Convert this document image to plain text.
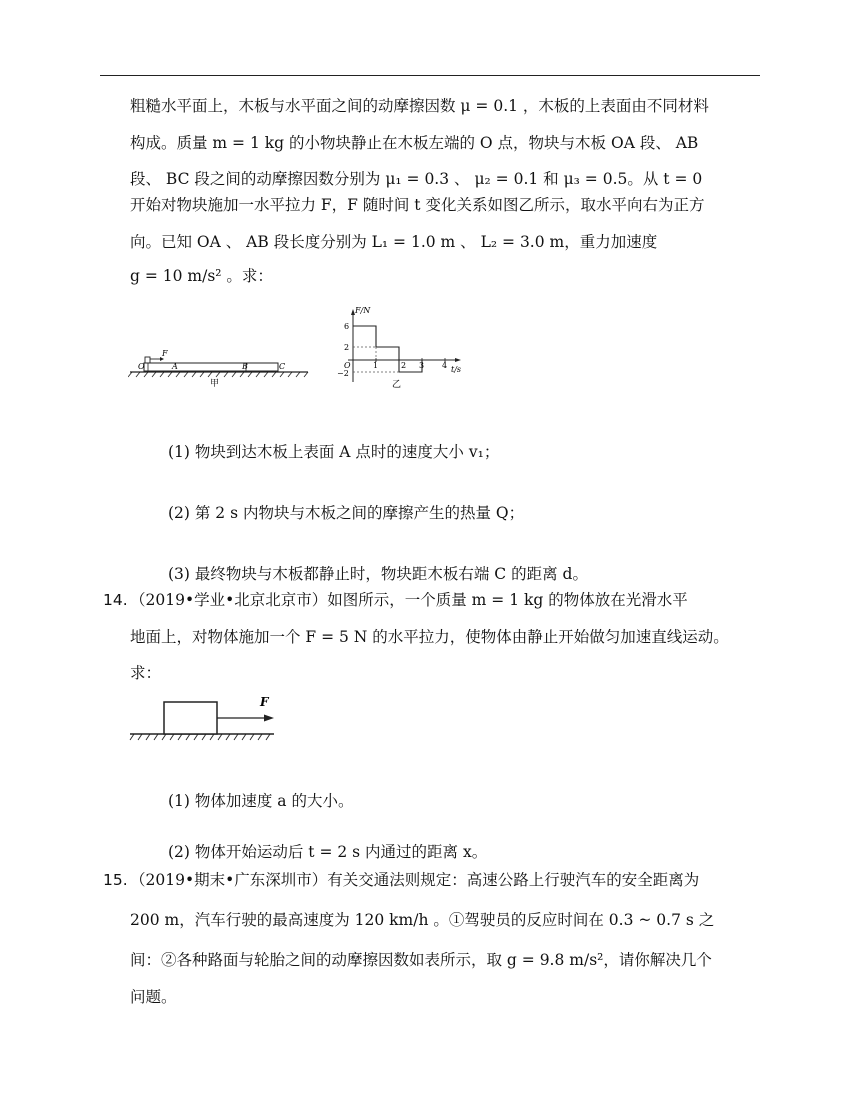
粗糙水平面上，木板与水平面之间的动摩擦因数 μ = 0.1 ，木板的上表面由不同材料
构成。质量 m = 1 kg 的小物块静止在木板左端的 O 点，物块与木板 OA 段、 AB
段、 BC 段之间的动摩擦因数分别为 μ₁ = 0.3 、 μ₂ = 0.1 和 μ₃ = 0.5。从 t = 0
开始对物块施加一水平拉力 F，F 随时间 t 变化关系如图乙所示，取水平向右为正方
向。已知 OA 、 AB 段长度分别为 L₁ = 1.0 m 、 L₂ = 3.0 m，重力加速度
g = 10 m/s² 。求：
O
F
A	B	C
甲
F/N
6
2
−2
O	1	2 3 4 t/s
乙
(1) 物块到达木板上表面 A 点时的速度大小 v₁；
(2) 第 2 s 内物块与木板之间的摩擦产生的热量 Q；
(3) 最终物块与木板都静止时，物块距木板右端 C 的距离 d。
14. （2019•学业•北京北京市）如图所示，一个质量 m = 1 kg 的物体放在光滑水平
地面上，对物体施加一个 F = 5 N 的水平拉力，使物体由静止开始做匀加速直线运动。
求：
F
(1) 物体加速度 a 的大小。
(2) 物体开始运动后 t = 2 s 内通过的距离 x。
15. （2019•期末•广东深圳市）有关交通法则规定：高速公路上行驶汽车的安全距离为
200 m，汽车行驶的最高速度为 120 km/h 。①驾驶员的反应时间在 0.3 ~ 0.7 s 之
间：②各种路面与轮胎之间的动摩擦因数如表所示，取 g = 9.8 m/s²，请你解决几个
问题。
